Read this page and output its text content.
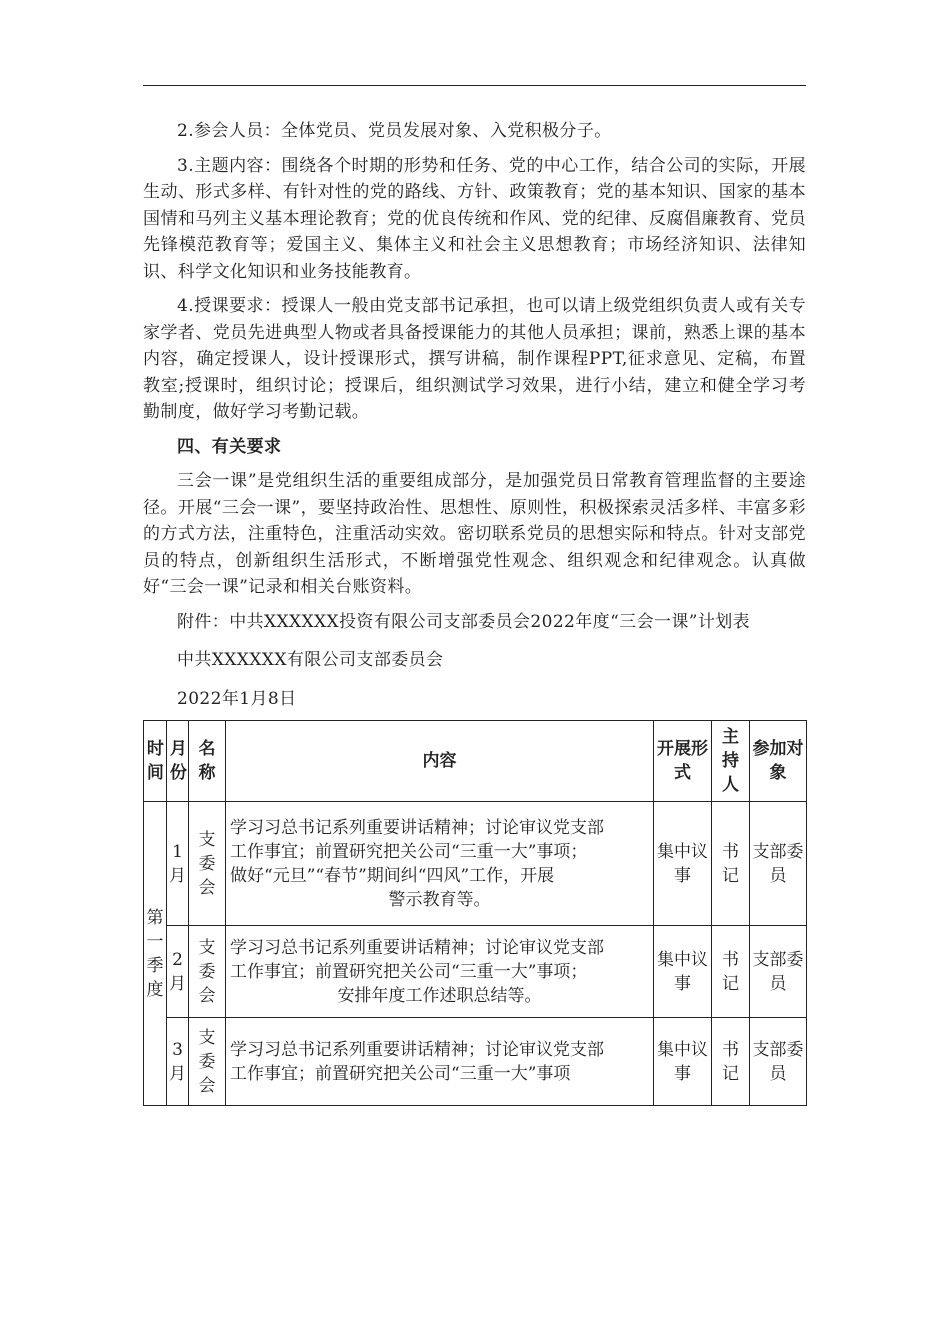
2.参会人员：全体党员、党员发展对象、入党积极分子。

3.主题内容：围绕各个时期的形势和任务、党的中心工作，结合公司的实际，开展生动、形式多样、有针对性的党的路线、方针、政策教育；党的基本知识、国家的基本国情和马列主义基本理论教育；党的优良传统和作风、党的纪律、反腐倡廉教育、党员先锋模范教育等；爱国主义、集体主义和社会主义思想教育；市场经济知识、法律知识、科学文化知识和业务技能教育。

4.授课要求：授课人一般由党支部书记承担，也可以请上级党组织负责人或有关专家学者、党员先进典型人物或者具备授课能力的其他人员承担；课前，熟悉上课的基本内容，确定授课人，设计授课形式，撰写讲稿，制作课程PPT,征求意见、定稿，布置教室;授课时，组织讨论；授课后，组织测试学习效果，进行小结，建立和健全学习考勤制度，做好学习考勤记载。

四、有关要求

三会一课”是党组织生活的重要组成部分，是加强党员日常教育管理监督的主要途径。开展“三会一课”，要坚持政治性、思想性、原则性，积极探索灵活多样、丰富多彩的方式方法，注重特色，注重活动实效。密切联系党员的思想实际和特点。针对支部党员的特点，创新组织生活形式，不断增强党性观念、组织观念和纪律观念。认真做好“三会一课”记录和相关台账资料。

附件：中共XXXXXX投资有限公司支部委员会2022年度“三会一课”计划表

中共XXXXXX有限公司支部委员会

2022年1月8日

时间	月份	名称	内容	开展形式	主持人	参加对象
第一季度	1月	支委会	学习习总书记系列重要讲话精神；讨论审议党支部
工作事宜；前置研究把关公司“三重一大”事项；
做好“元旦”“春节”期间纠“四风”工作，开展
警示教育等。	集中议事	书记	支部委员
	2月	支委会	学习习总书记系列重要讲话精神；讨论审议党支部
工作事宜；前置研究把关公司“三重一大”事项；
安排年度工作述职总结等。	集中议事	书记	支部委员
	3月	支委会	学习习总书记系列重要讲话精神；讨论审议党支部
工作事宜；前置研究把关公司“三重一大”事项	集中议事	书记	支部委员
